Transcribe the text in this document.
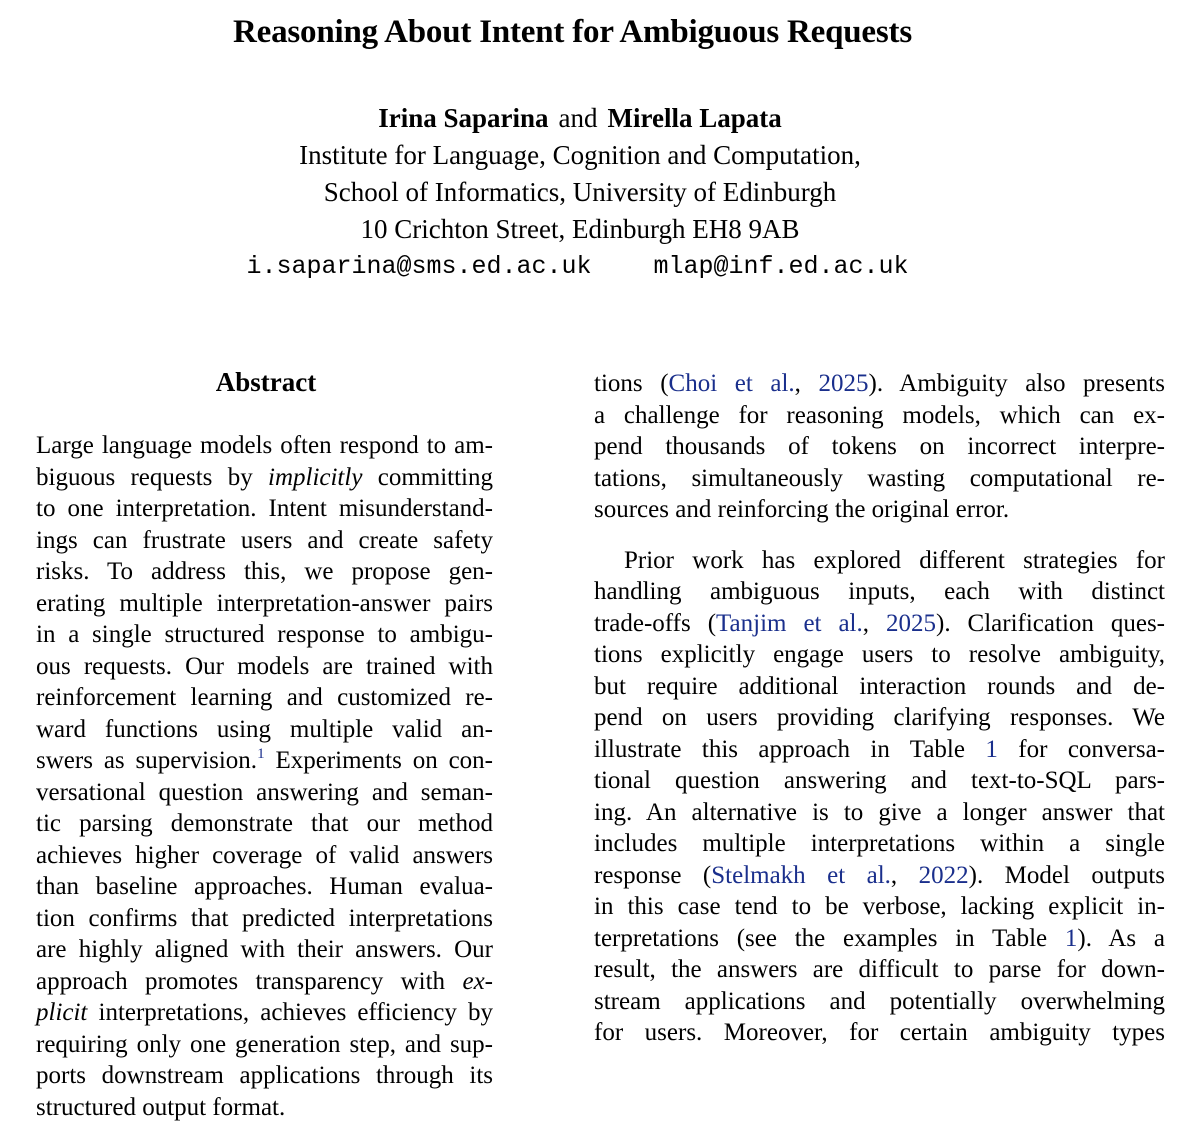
Reasoning About Intent for Ambiguous Requests
Irina Saparina and Mirella Lapata
Institute for Language, Cognition and Computation,
School of Informatics, University of Edinburgh
10 Crichton Street, Edinburgh EH8 9AB
i.saparina@sms.ed.ac.uk mlap@inf.ed.ac.uk
Abstract
Large language models often respond to am-
biguous requests by implicitly committing
to one interpretation. Intent misunderstand-
ings can frustrate users and create safety
risks. To address this, we propose gen-
erating multiple interpretation-answer pairs
in a single structured response to ambigu-
ous requests. Our models are trained with
reinforcement learning and customized re-
ward functions using multiple valid an-
swers as supervision.$^1$ Experiments on con-
versational question answering and seman-
tic parsing demonstrate that our method
achieves higher coverage of valid answers
than baseline approaches. Human evalua-
tion confirms that predicted interpretations
are highly aligned with their answers. Our
approach promotes transparency with ex-
plicit interpretations, achieves efficiency by
requiring only one generation step, and sup-
ports downstream applications through its
structured output format.
tions (Choi et al., 2025). Ambiguity also presents
a challenge for reasoning models, which can ex-
pend thousands of tokens on incorrect interpre-
tations, simultaneously wasting computational re-
sources and reinforcing the original error.
Prior work has explored different strategies for
handling ambiguous inputs, each with distinct
trade-offs (Tanjim et al., 2025). Clarification ques-
tions explicitly engage users to resolve ambiguity,
but require additional interaction rounds and de-
pend on users providing clarifying responses. We
illustrate this approach in Table 1 for conversa-
tional question answering and text-to-SQL pars-
ing. An alternative is to give a longer answer that
includes multiple interpretations within a single
response (Stelmakh et al., 2022). Model outputs
in this case tend to be verbose, lacking explicit in-
terpretations (see the examples in Table 1). As a
result, the answers are difficult to parse for down-
stream applications and potentially overwhelming
for users. Moreover, for certain ambiguity types
